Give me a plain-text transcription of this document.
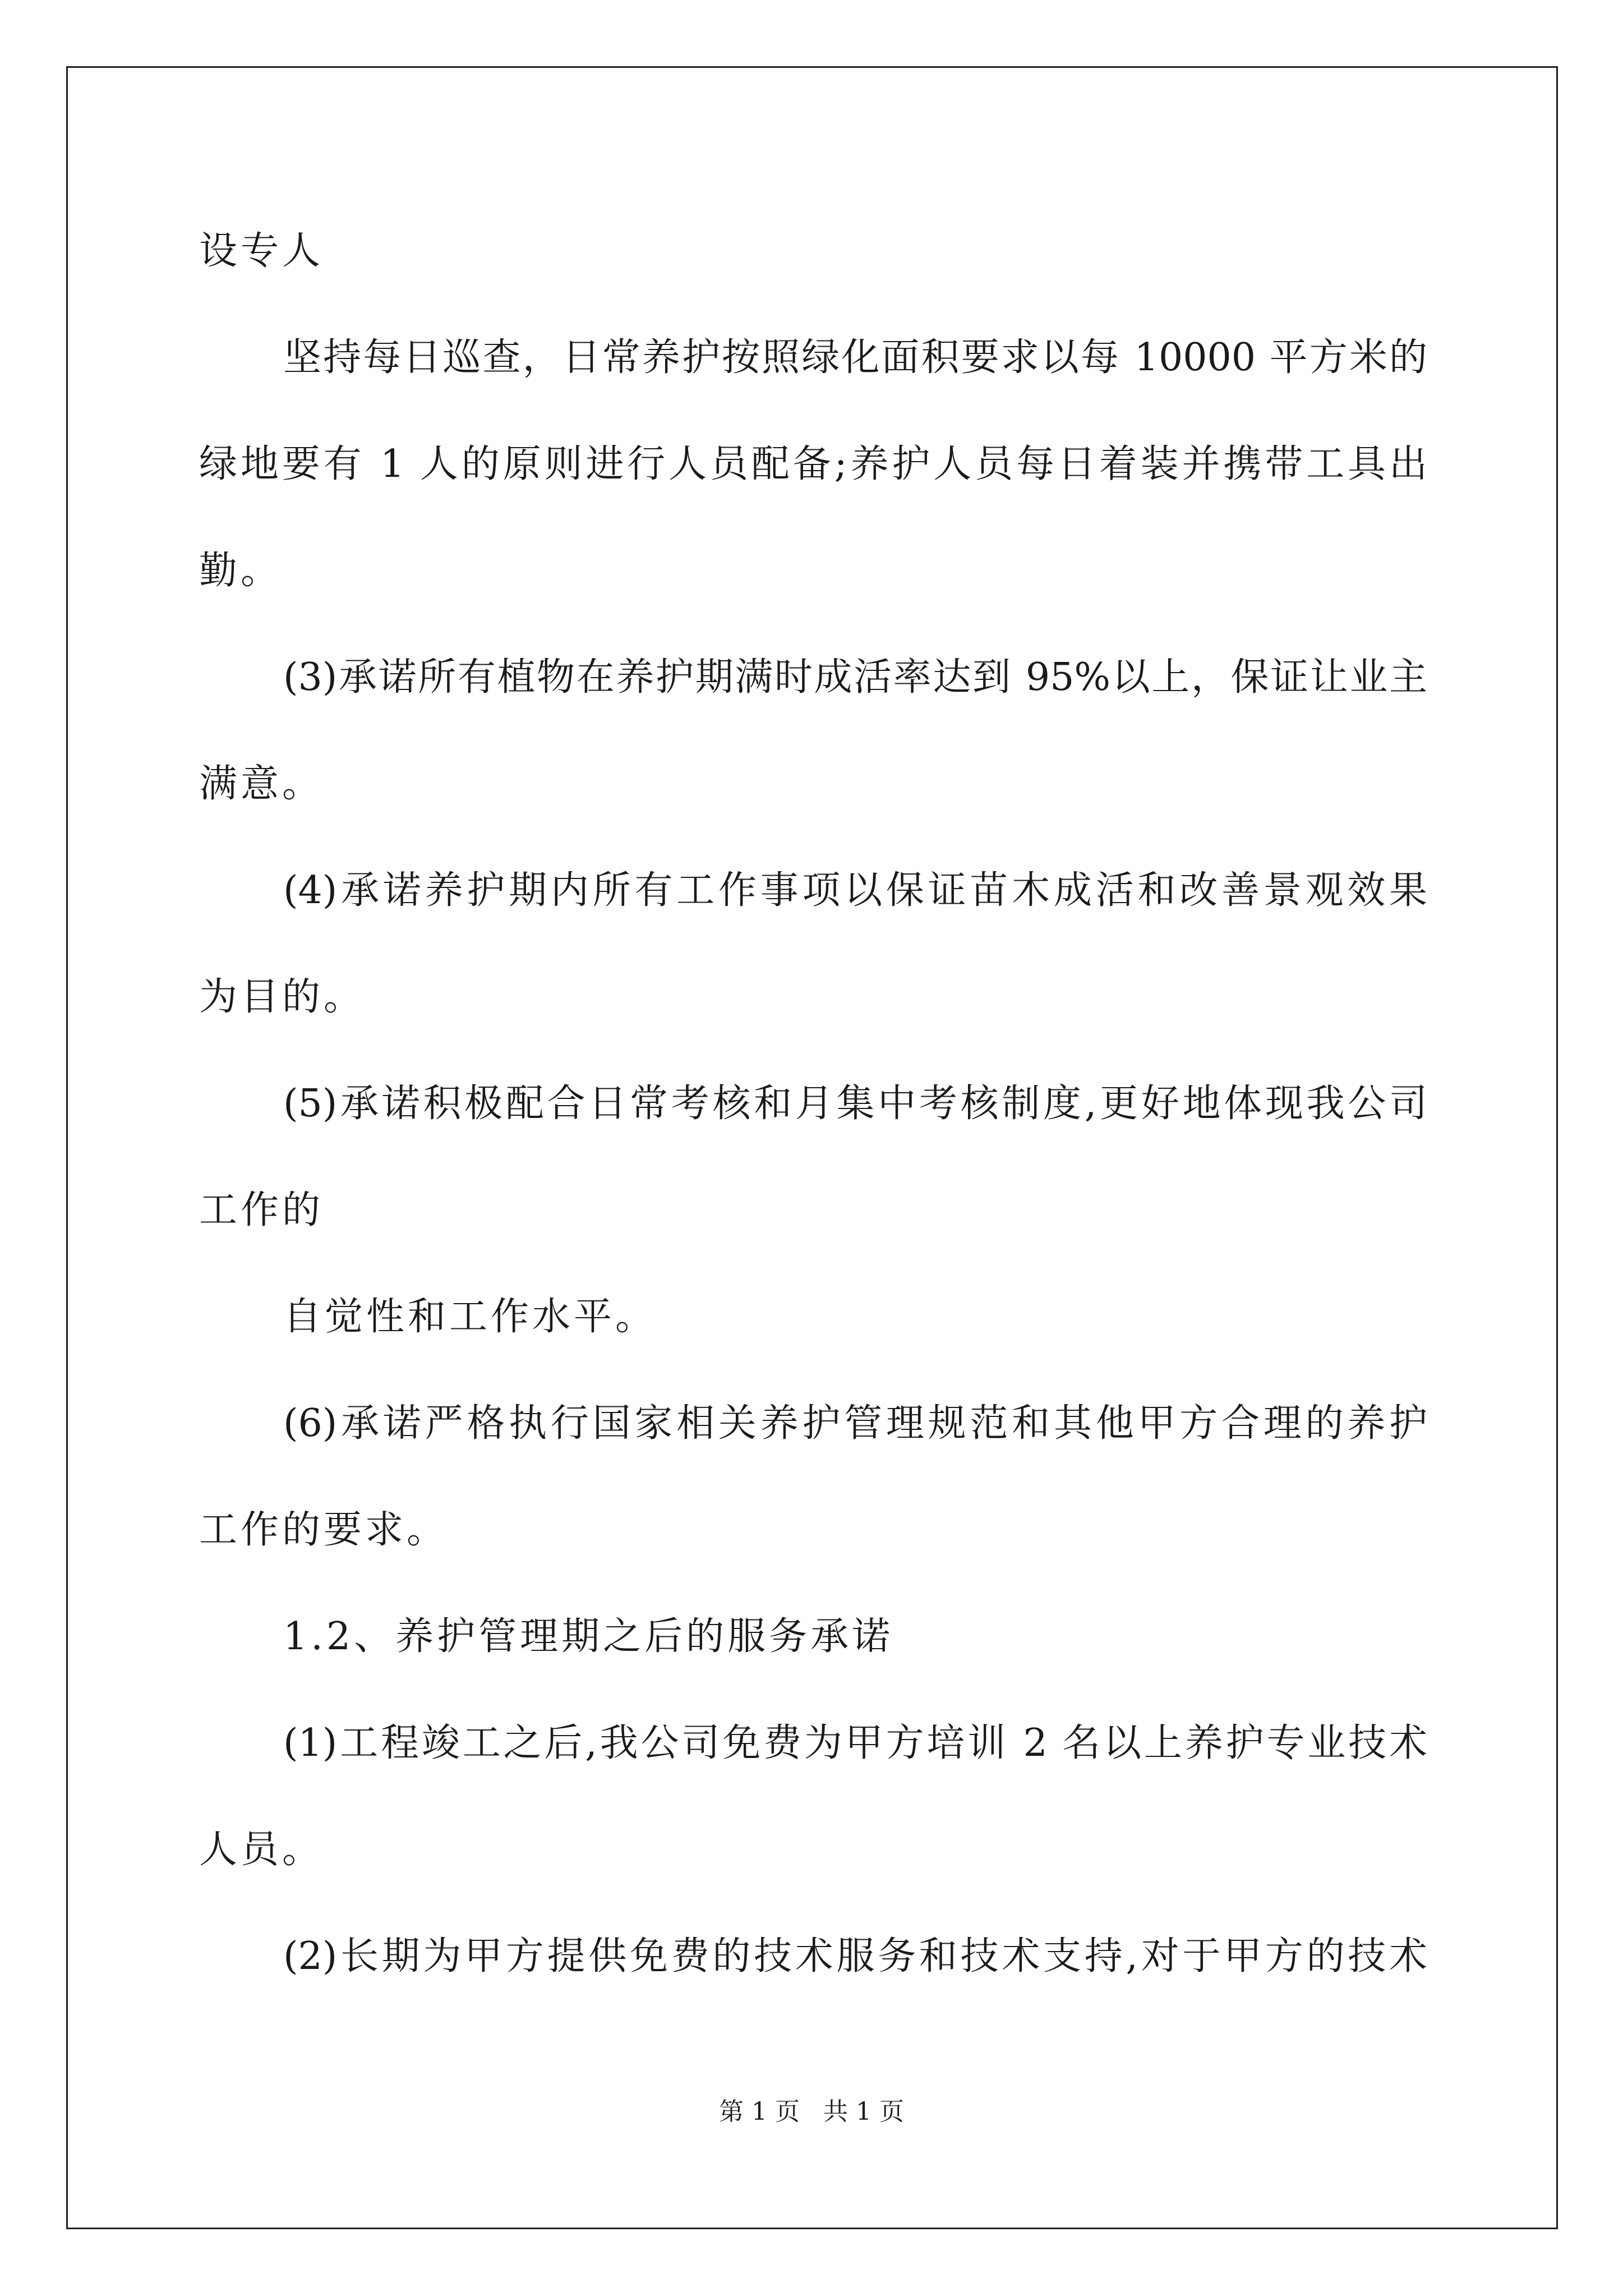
设专人
坚持每日巡查，日常养护按照绿化面积要求以每 10000 平方米的
绿地要有 1 人的原则进行人员配备;养护人员每日着装并携带工具出
勤。
(3)承诺所有植物在养护期满时成活率达到 95%以上，保证让业主
满意。
(4)承诺养护期内所有工作事项以保证苗木成活和改善景观效果
为目的。
(5)承诺积极配合日常考核和月集中考核制度,更好地体现我公司
工作的
自觉性和工作水平。
(6)承诺严格执行国家相关养护管理规范和其他甲方合理的养护
工作的要求。
1.2、养护管理期之后的服务承诺
(1)工程竣工之后,我公司免费为甲方培训 2 名以上养护专业技术
人员。
(2)长期为甲方提供免费的技术服务和技术支持,对于甲方的技术
第 1 页   共 1 页
